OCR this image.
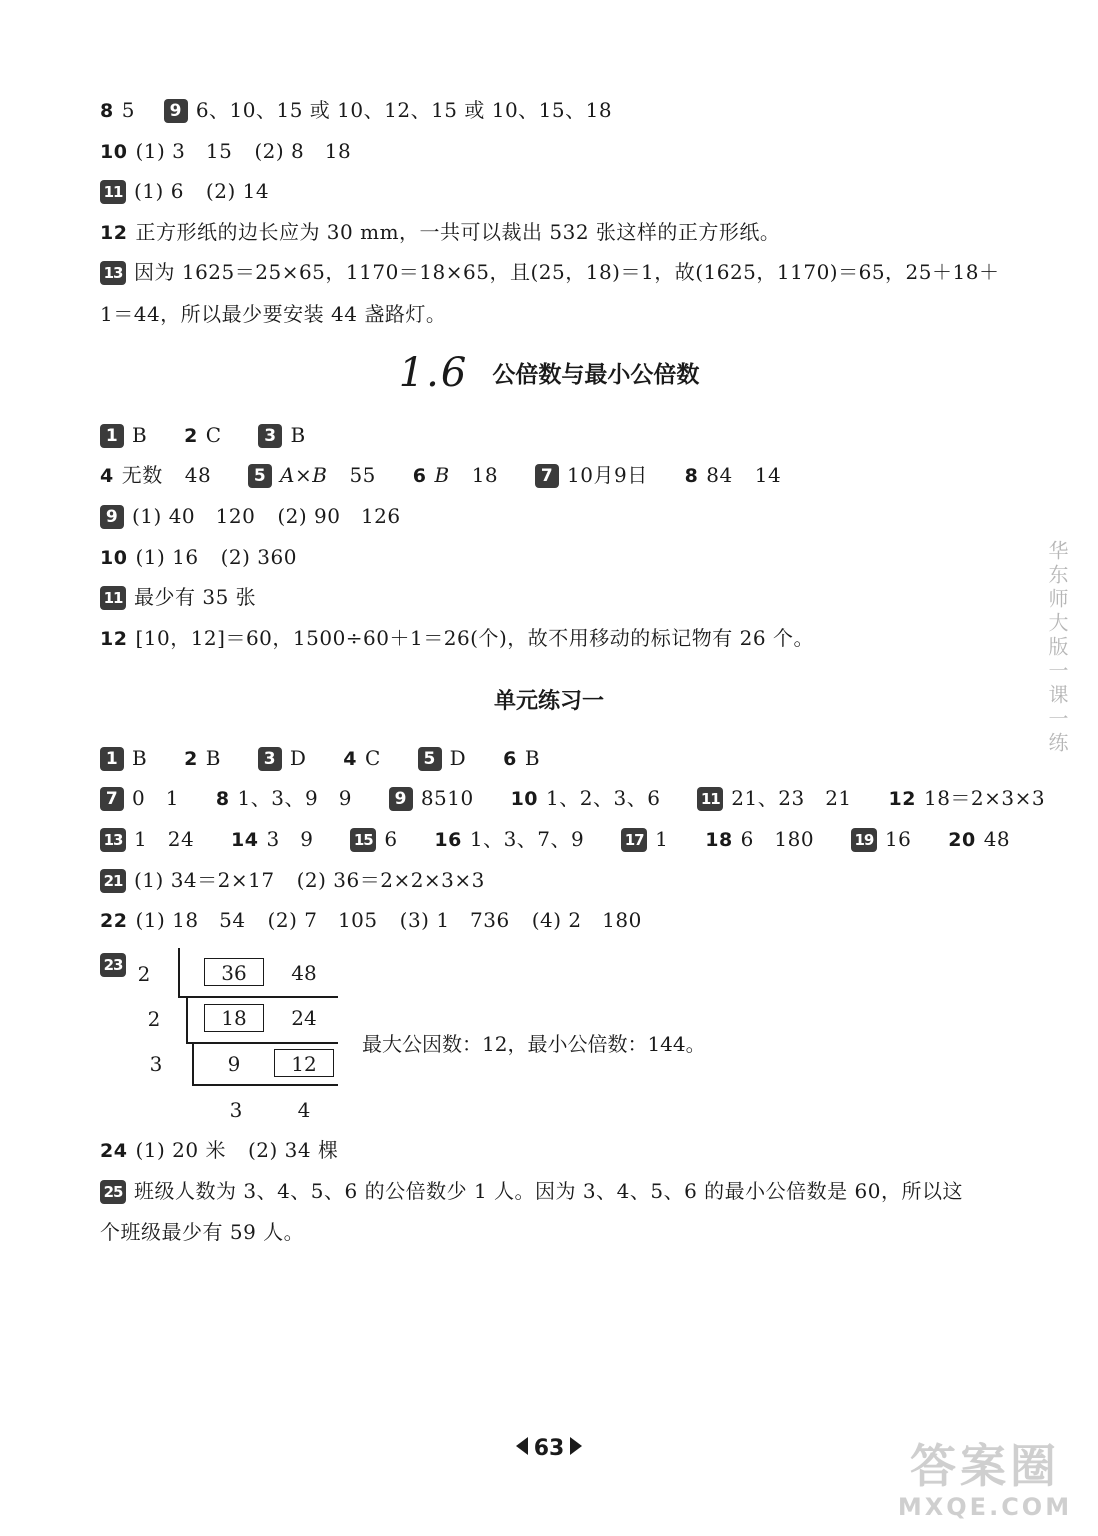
8 5 9 6、10、15 或 10、12、15 或 10、15、18
10 (1) 3　15 (2) 8　18
11 (1) 6 (2) 14
12 正方形纸的边长应为 30 mm，一共可以裁出 532 张这样的正方形纸。
13 因为 1625＝25×65，1170＝18×65，且(25，18)＝1，故(1625，1170)＝65，25＋18＋
1＝44，所以最少要安装 44 盏路灯。
1.6 公倍数与最小公倍数
1 B 2 C	3 B
4 无数 48	5 A×B 55 6 B 18	7 10月9日 8 84 14
9 (1) 40　120 (2) 90　126
10 (1) 16 (2) 360
11 最少有 35 张
12 [10，12]＝60，1500÷60＋1＝26(个)，故不用移动的标记物有 26 个。
单元练习一
1 B 2 B	3 D 4 C	5 D 6 B
7 0　1 8 1、3、9　9	9 8510 10 1、2、3、6	11 21、23　21 12 18＝2×3×3
13 1　24 14 3　9	15 6 16 1、3、7、9	17 1 18 6　180	19 16 20 48
21 (1) 34＝2×17 (2) 36＝2×2×3×3
22 (1) 18　54 (2) 7　105 (3) 1　736 (4) 2　180
23 2	36	48
2	18	24
3	9	12
3	4
最大公因数：12，最小公倍数：144。
24 (1) 20 米 (2) 34 棵
25 班级人数为 3、4、5、6 的公倍数少 1 人。因为 3、4、5、6 的最小公倍数是 60，所以这
个班级最少有 59 人。
华东师大版一课一练
63	答案圈
MXQE.COM
